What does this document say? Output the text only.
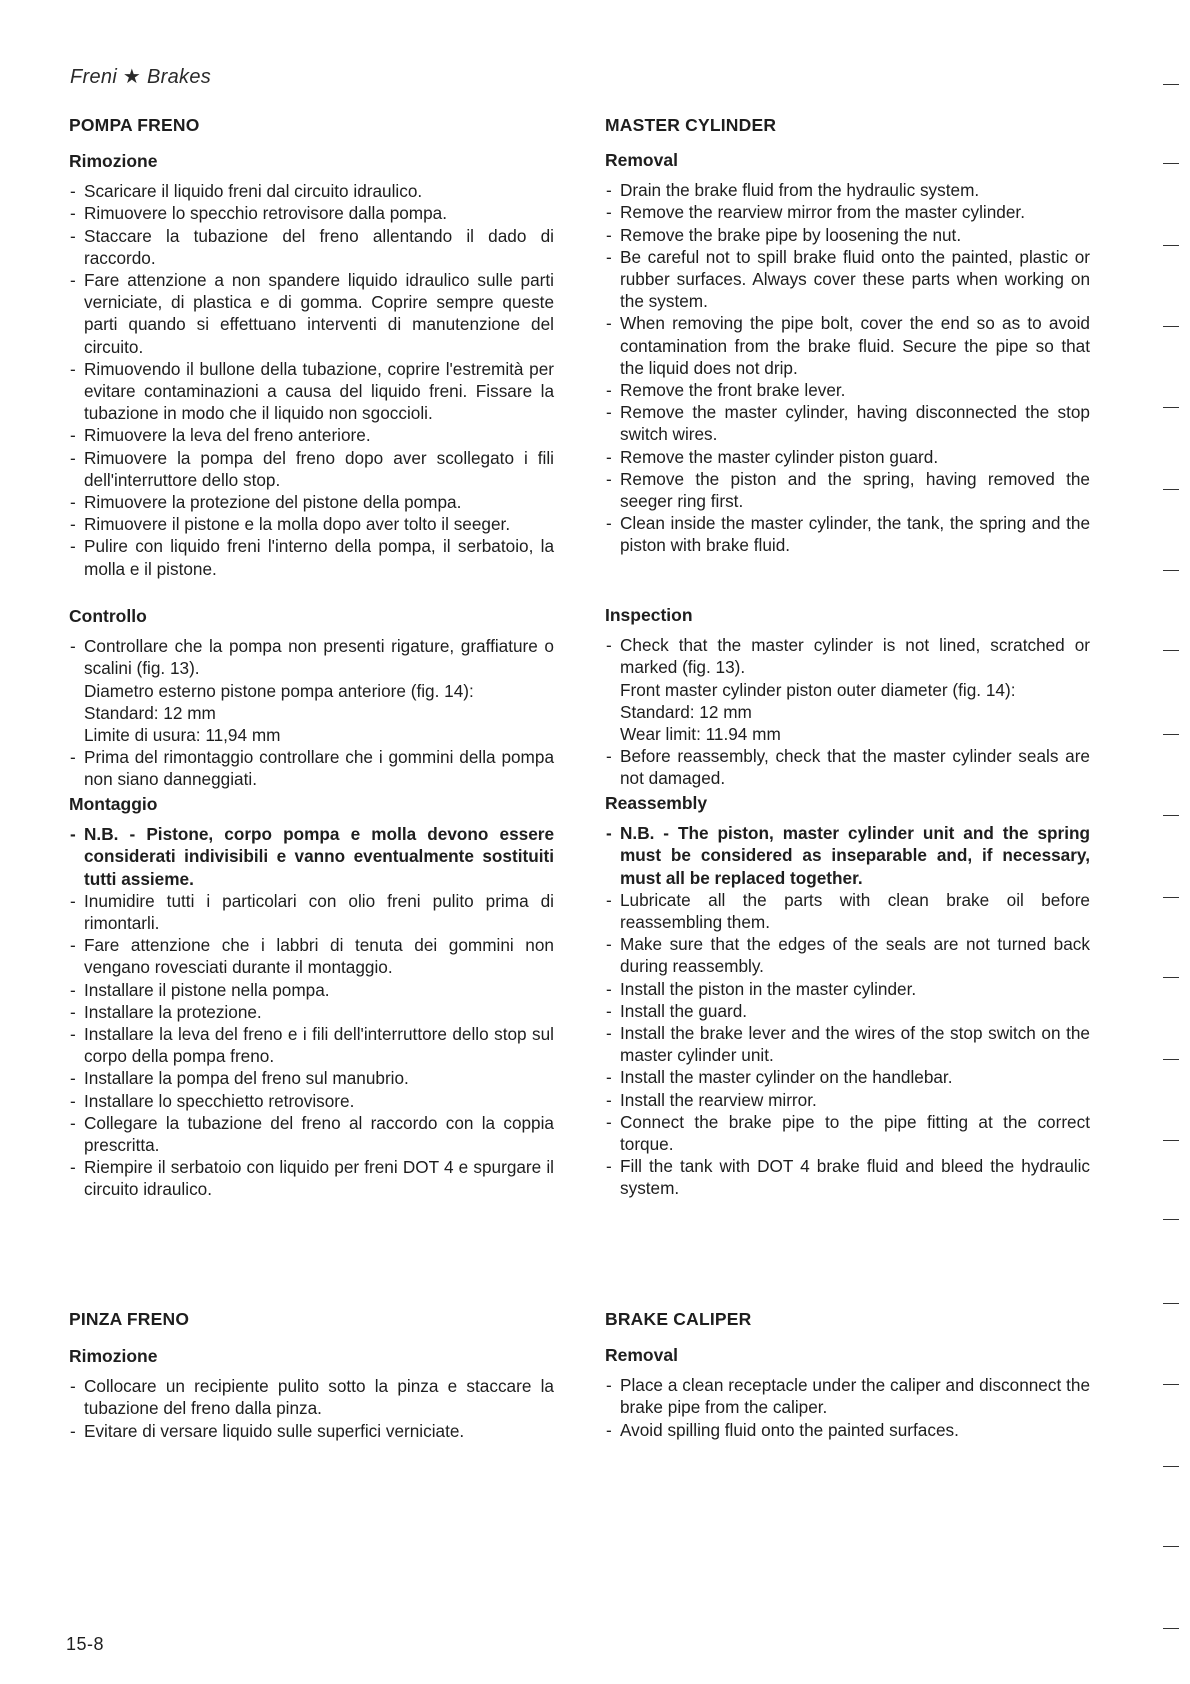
Freni ★ Brakes
POMPA FRENO
Rimozione
- Scaricare il liquido freni dal circuito idraulico.
- Rimuovere lo specchio retrovisore dalla pompa.
- Staccare la tubazione del freno allentando il dado di raccordo.
- Fare attenzione a non spandere liquido idraulico sulle parti verniciate, di plastica e di gomma. Coprire sempre queste parti quando si effettuano interventi di manutenzione del circuito.
- Rimuovendo il bullone della tubazione, coprire l'estremità per evitare contaminazioni a causa del liquido freni. Fissare la tubazione in modo che il liquido non sgoccioli.
- Rimuovere la leva del freno anteriore.
- Rimuovere la pompa del freno dopo aver scollegato i fili dell'interruttore dello stop.
- Rimuovere la protezione del pistone della pompa.
- Rimuovere il pistone e la molla dopo aver tolto il seeger.
- Pulire con liquido freni l'interno della pompa, il serbatoio, la molla e il pistone.
Controllo
- Controllare che la pompa non presenti rigature, graffiature o scalini (fig. 13).
Diametro esterno pistone pompa anteriore (fig. 14):
Standard: 12 mm
Limite di usura: 11,94 mm
- Prima del rimontaggio controllare che i gommini della pompa non siano danneggiati.
Montaggio
- N.B. - Pistone, corpo pompa e molla devono essere considerati indivisibili e vanno eventualmente sostituiti tutti assieme.
- Inumidire tutti i particolari con olio freni pulito prima di rimontarli.
- Fare attenzione che i labbri di tenuta dei gommini non vengano rovesciati durante il montaggio.
- Installare il pistone nella pompa.
- Installare la protezione.
- Installare la leva del freno e i fili dell'interruttore dello stop sul corpo della pompa freno.
- Installare la pompa del freno sul manubrio.
- Installare lo specchietto retrovisore.
- Collegare la tubazione del freno al raccordo con la coppia prescritta.
- Riempire il serbatoio con liquido per freni DOT 4 e spurgare il circuito idraulico.
PINZA FRENO
Rimozione
- Collocare un recipiente pulito sotto la pinza e staccare la tubazione del freno dalla pinza.
- Evitare di versare liquido sulle superfici verniciate.
MASTER CYLINDER
Removal
- Drain the brake fluid from the hydraulic system.
- Remove the rearview mirror from the master cylinder.
- Remove the brake pipe by loosening the nut.
- Be careful not to spill brake fluid onto the painted, plastic or rubber surfaces. Always cover these parts when working on the system.
- When removing the pipe bolt, cover the end so as to avoid contamination from the brake fluid. Secure the pipe so that the liquid does not drip.
- Remove the front brake lever.
- Remove the master cylinder, having disconnected the stop switch wires.
- Remove the master cylinder piston guard.
- Remove the piston and the spring, having removed the seeger ring first.
- Clean inside the master cylinder, the tank, the spring and the piston with brake fluid.
Inspection
- Check that the master cylinder is not lined, scratched or marked (fig. 13).
Front master cylinder piston outer diameter (fig. 14):
Standard: 12 mm
Wear limit: 11.94 mm
- Before reassembly, check that the master cylinder seals are not damaged.
Reassembly
- N.B. - The piston, master cylinder unit and the spring must be considered as inseparable and, if necessary, must all be replaced together.
- Lubricate all the parts with clean brake oil before reassembling them.
- Make sure that the edges of the seals are not turned back during reassembly.
- Install the piston in the master cylinder.
- Install the guard.
- Install the brake lever and the wires of the stop switch on the master cylinder unit.
- Install the master cylinder on the handlebar.
- Install the rearview mirror.
- Connect the brake pipe to the pipe fitting at the correct torque.
- Fill the tank with DOT 4 brake fluid and bleed the hydraulic system.
BRAKE CALIPER
Removal
- Place a clean receptacle under the caliper and disconnect the brake pipe from the caliper.
- Avoid spilling fluid onto the painted surfaces.
15-8
